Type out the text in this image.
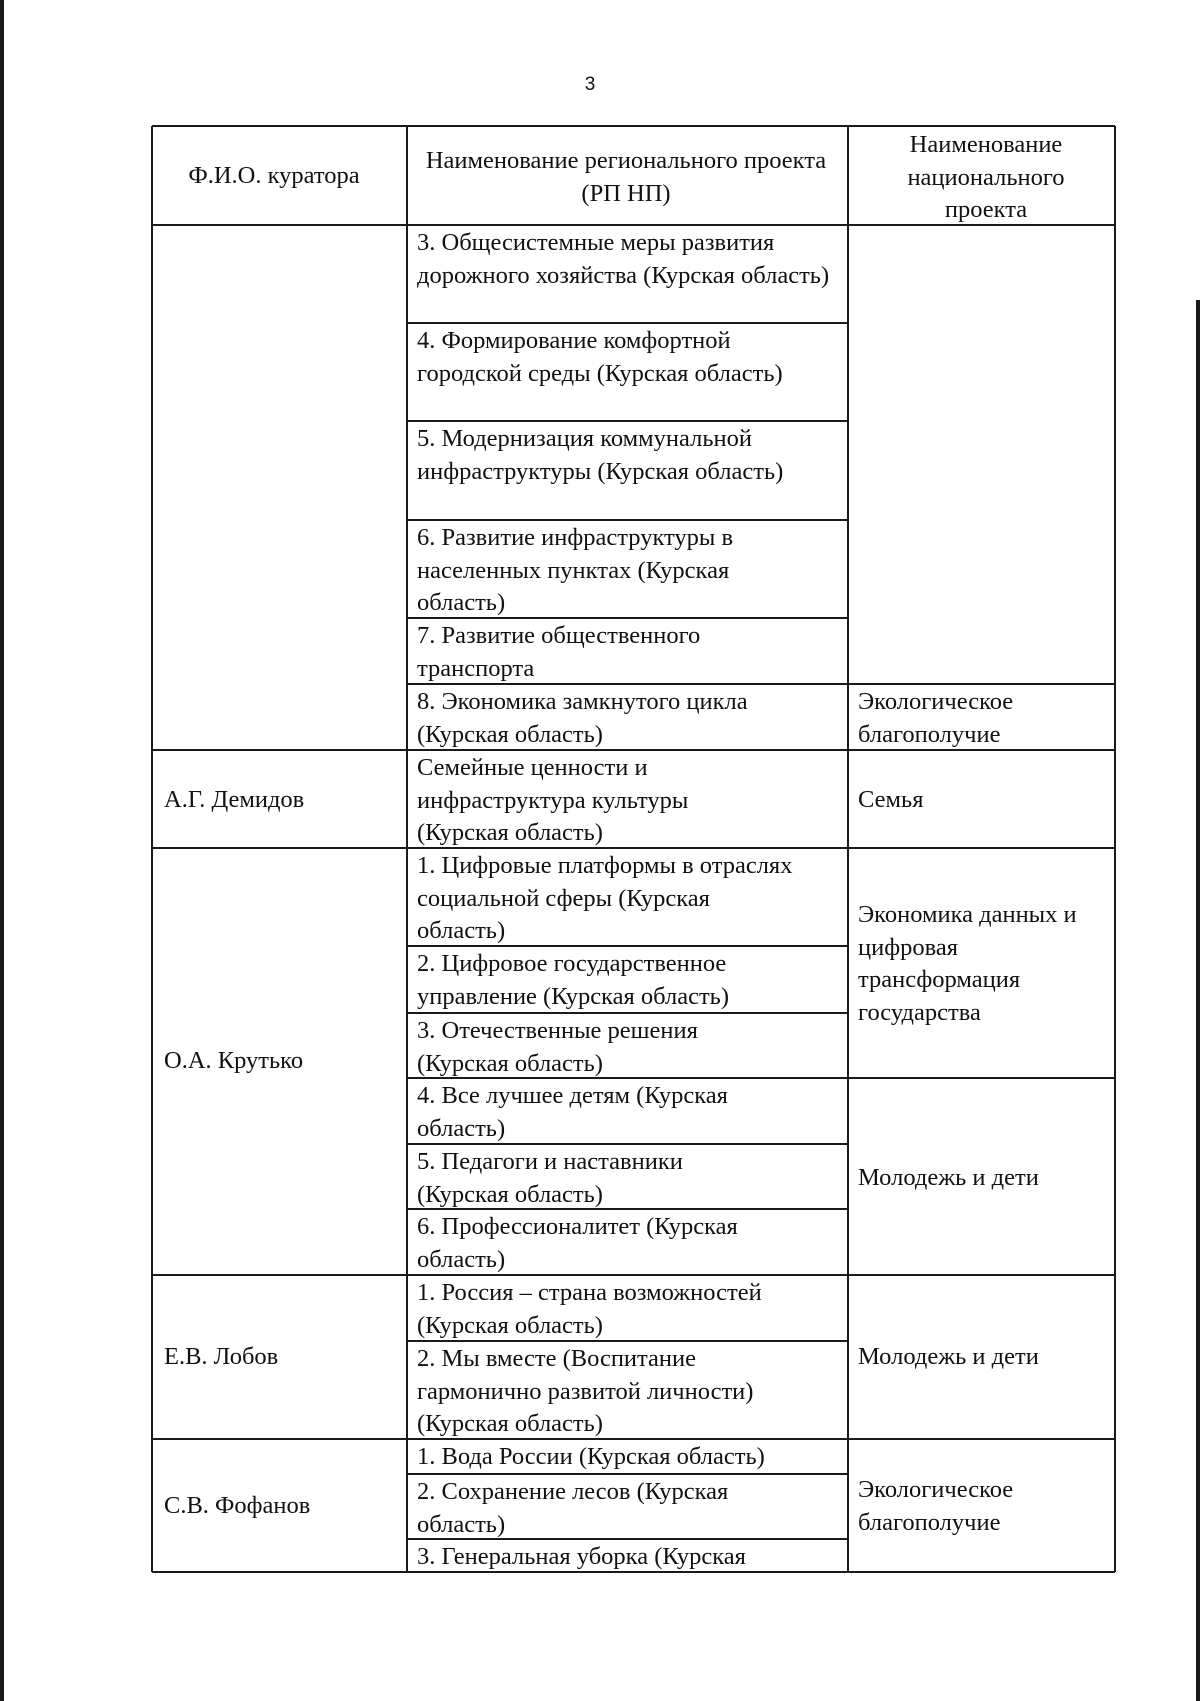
3
Ф.И.О. куратора
Наименование регионального проекта (РП НП)
Наименование национального проекта
3. Общесистемные меры развития дорожного хозяйства (Курская область)
4. Формирование комфортной городской среды (Курская область)
5. Модернизация коммунальной инфраструктуры (Курская область)
6. Развитие инфраструктуры в населенных пунктах (Курская область)
7. Развитие общественного транспорта
8. Экономика замкнутого цикла (Курская область)
Семейные ценности и инфраструктура культуры (Курская область)
1. Цифровые платформы в отраслях социальной сферы (Курская область)
2. Цифровое государственное управление (Курская область)
3. Отечественные решения (Курская область)
4. Все лучшее детям (Курская область)
5. Педагоги и наставники (Курская область)
6. Профессионалитет (Курская область)
1. Россия – страна возможностей (Курская область)
2. Мы вместе (Воспитание гармонично развитой личности) (Курская область)
1. Вода России (Курская область)
2. Сохранение лесов (Курская область)
3. Генеральная уборка (Курская
А.Г. Демидов
О.А. Крутько
Е.В. Лобов
С.В. Фофанов
Экологическое благополучие
Семья
Экономика данных и цифровая трансформация государства
Молодежь и дети
Молодежь и дети
Экологическое благополучие
